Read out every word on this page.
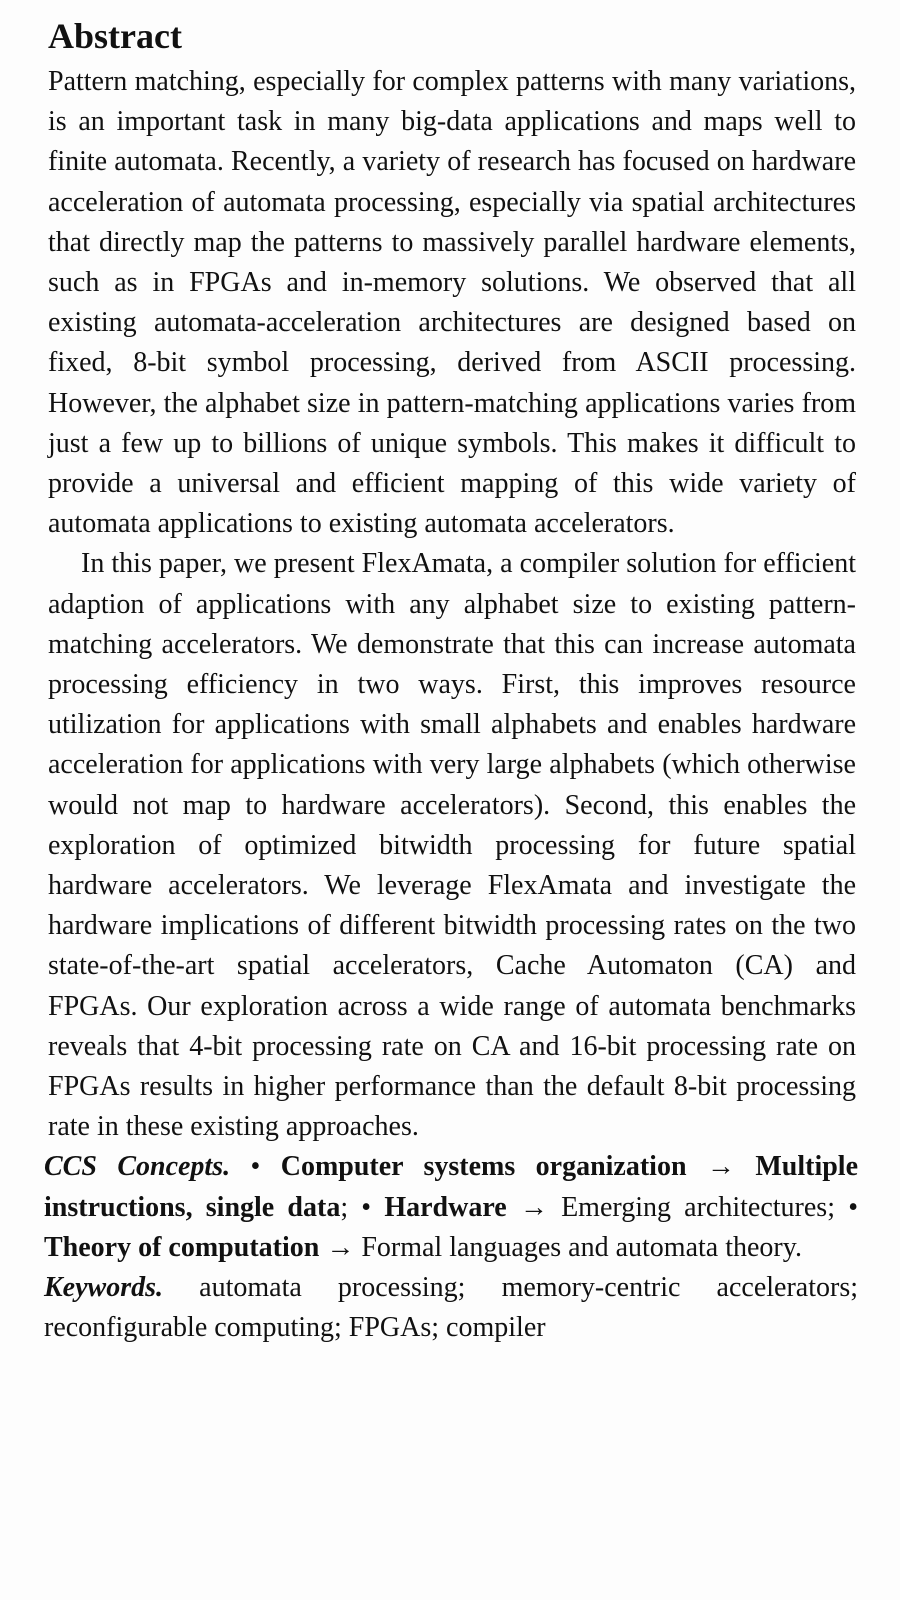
Abstract

Pattern matching, especially for complex patterns with many variations, is an important task in many big-data applications and maps well to finite automata. Recently, a variety of research has focused on hardware acceleration of automata processing, especially via spatial architectures that directly map the patterns to massively parallel hardware elements, such as in FPGAs and in-memory solutions. We observed that all existing automata-acceleration architectures are designed based on fixed, 8-bit symbol processing, derived from ASCII processing. However, the alphabet size in pattern-matching applications varies from just a few up to billions of unique symbols. This makes it difficult to provide a universal and efficient mapping of this wide variety of automata applications to existing automata accelerators.

In this paper, we present FlexAmata, a compiler solution for efficient adaption of applications with any alphabet size to existing pattern-matching accelerators. We demonstrate that this can increase automata processing efficiency in two ways. First, this improves resource utilization for applications with small alphabets and enables hardware acceleration for applications with very large alphabets (which otherwise would not map to hardware accelerators). Second, this enables the exploration of optimized bitwidth processing for future spatial hardware accelerators. We leverage FlexAmata and investigate the hardware implications of different bitwidth processing rates on the two state-of-the-art spatial accelerators, Cache Automaton (CA) and FPGAs. Our exploration across a wide range of automata benchmarks reveals that 4-bit processing rate on CA and 16-bit processing rate on FPGAs results in higher performance than the default 8-bit processing rate in these existing approaches.

CCS Concepts. • Computer systems organization → Multiple instructions, single data; • Hardware → Emerging architectures; • Theory of computation → Formal languages and automata theory.

Keywords. automata processing; memory-centric accelerators; reconfigurable computing; FPGAs; compiler
